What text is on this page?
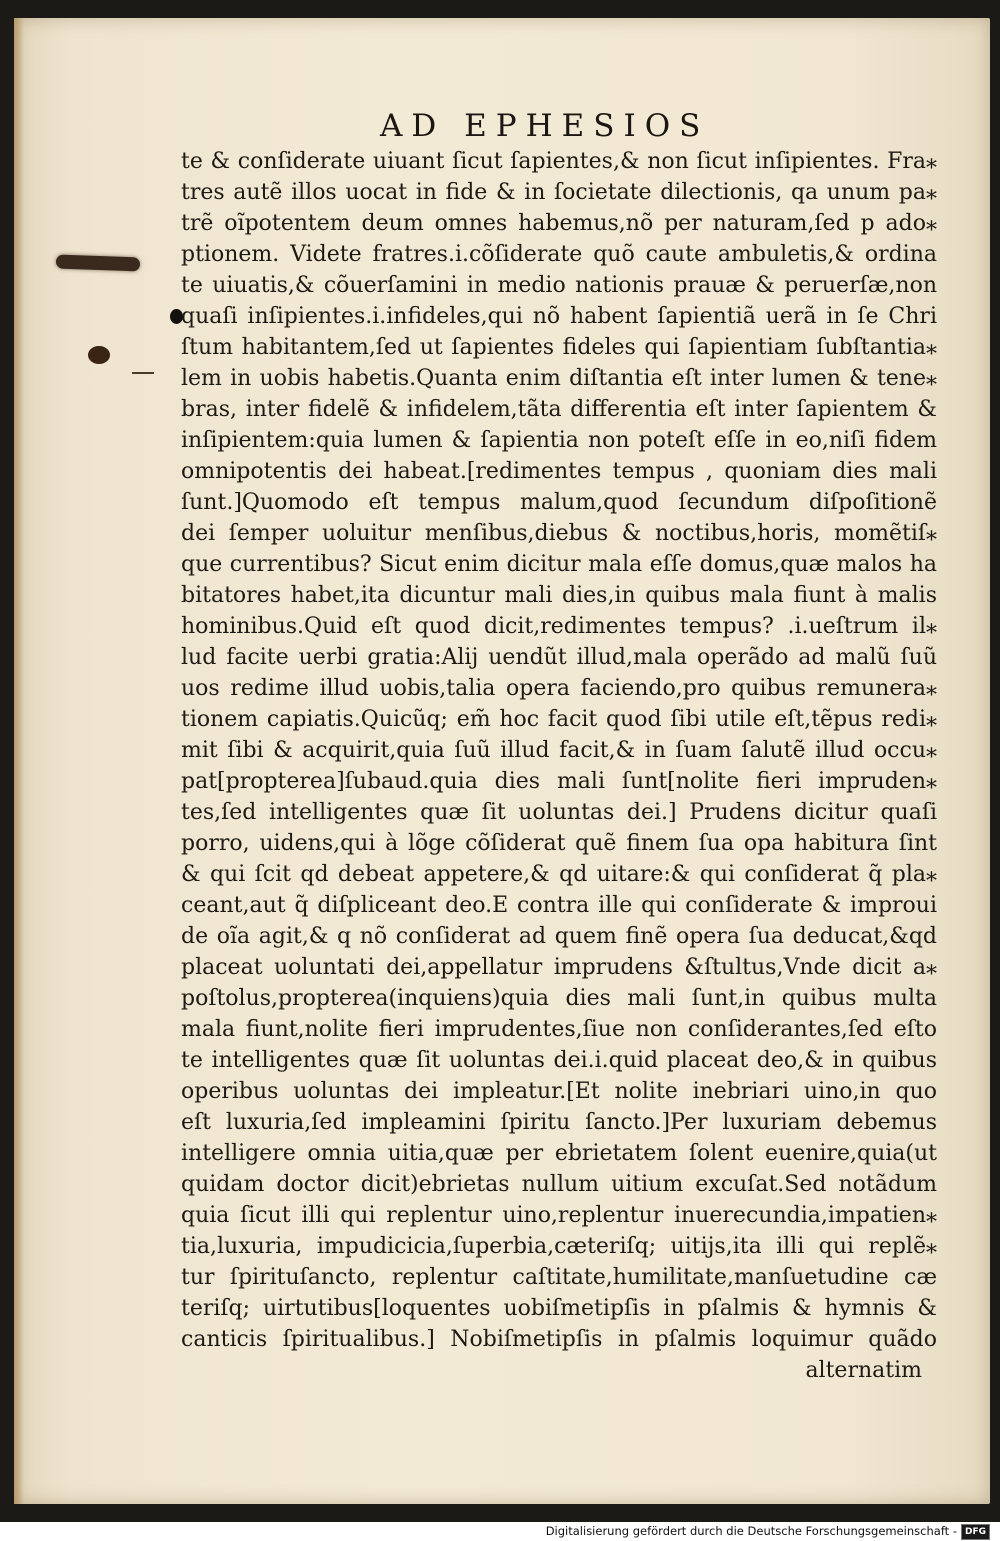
AD EPHESIOS
te & conſiderate uiuant ſicut ſapientes,& non ſicut inſipientes. Fra⁎
tres autẽ illos uocat in fide & in ſocietate dilectionis, qa unum pa⁎
trẽ oĩpotentem deum omnes habemus,nõ per naturam,ſed p ado⁎
ptionem. Videte fratres.i.cõſiderate quõ caute ambuletis,& ordina
te uiuatis,& cõuerſamini in medio nationis prauæ & peruerſæ,non
quaſi inſipientes.i.infideles,qui nõ habent ſapientiã uerã in ſe Chri
ſtum habitantem,ſed ut ſapientes fideles qui ſapientiam ſubſtantia⁎
lem in uobis habetis.Quanta enim diſtantia eſt inter lumen & tene⁎
bras, inter fidelẽ & infidelem,tãta differentia eſt inter ſapientem &
inſipientem:quia lumen & ſapientia non poteſt eſſe in eo,niſi fidem
omnipotentis dei habeat.[redimentes tempus , quoniam dies mali
ſunt.]Quomodo eſt tempus malum,quod ſecundum diſpoſitionẽ
dei ſemper uoluitur menſibus,diebus & noctibus,horis, momẽtiſ⁎
que currentibus? Sicut enim dicitur mala eſſe domus,quæ malos ha
bitatores habet,ita dicuntur mali dies,in quibus mala fiunt à malis
hominibus.Quid eſt quod dicit,redimentes tempus? .i.ueſtrum il⁎
lud facite uerbi gratia:Alij uendũt illud,mala operãdo ad malũ ſuũ
uos redime illud uobis,talia opera faciendo,pro quibus remunera⁎
tionem capiatis.Quicũq; em̃ hoc facit quod ſibi utile eſt,tẽpus redi⁎
mit ſibi & acquirit,quia ſuũ illud facit,& in ſuam ſalutẽ illud occu⁎
pat[propterea]ſubaud.quia dies mali ſunt[nolite fieri impruden⁎
tes,ſed intelligentes quæ ſit uoluntas dei.] Prudens dicitur quaſi
porro, uidens,qui à lõge cõſiderat quẽ finem ſua opa habitura ſint
& qui ſcit qd debeat appetere,& qd uitare:& qui conſiderat q̃ pla⁎
ceant,aut q̃ diſpliceant deo.E contra ille qui conſiderate & improui
de oĩa agit,& q nõ conſiderat ad quem finẽ opera ſua deducat,&qd
placeat uoluntati dei,appellatur imprudens &ſtultus,Vnde dicit a⁎
poſtolus,propterea(inquiens)quia dies mali ſunt,in quibus multa
mala fiunt,nolite fieri imprudentes,ſiue non conſiderantes,ſed eſto
te intelligentes quæ ſit uoluntas dei.i.quid placeat deo,& in quibus
operibus uoluntas dei impleatur.[Et nolite inebriari uino,in quo
eſt luxuria,ſed impleamini ſpiritu ſancto.]Per luxuriam debemus
intelligere omnia uitia,quæ per ebrietatem ſolent euenire,quia(ut
quidam doctor dicit)ebrietas nullum uitium excuſat.Sed notãdum
quia ſicut illi qui replentur uino,replentur inuerecundia,impatien⁎
tia,luxuria, impudicicia,ſuperbia,cæteriſq; uitijs,ita illi qui replẽ⁎
tur ſpirituſancto, replentur caſtitate,humilitate,manſuetudine cæ
teriſq; uirtutibus[loquentes uobiſmetipſis in pſalmis & hymnis &
canticis ſpiritualibus.] Nobiſmetipſis in pſalmis loquimur quãdo
alternatim
Digitalisierung gefördert durch die Deutsche Forschungsgemeinschaft - DFG
